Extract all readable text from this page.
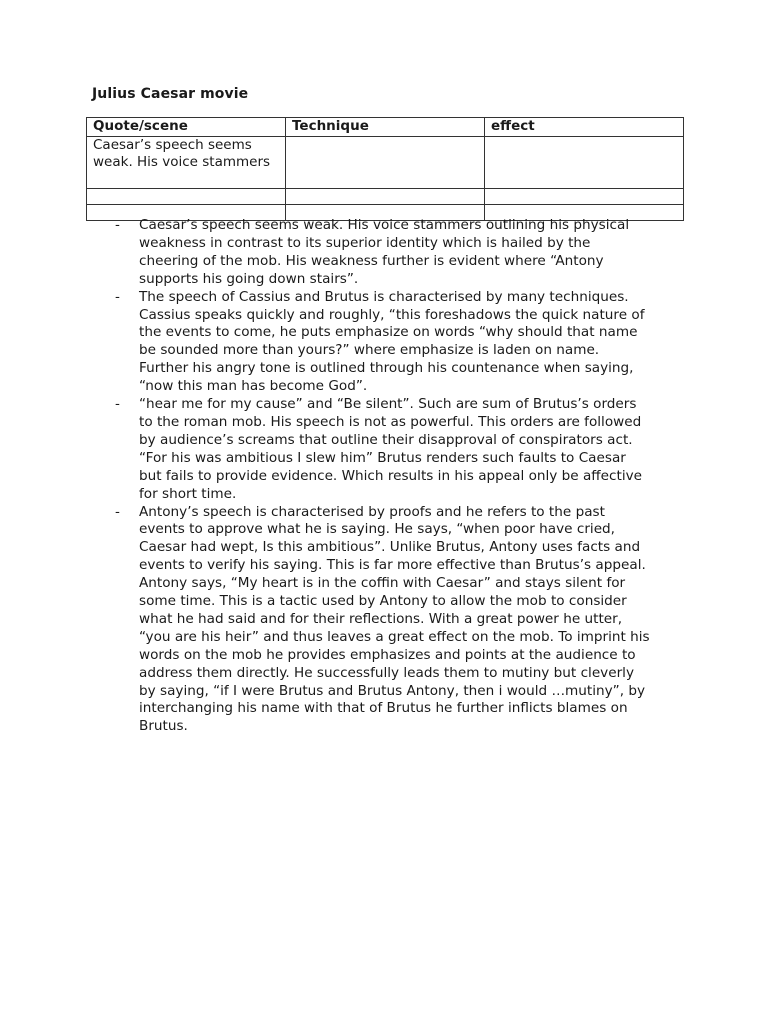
Julius Caesar movie
Quote/scene	Technique	effect
Caesar’s speech seems weak. His voice stammers		

- Caesar’s speech seems weak. His voice stammers outlining his physical
weakness in contrast to its superior identity which is hailed by the
cheering of the mob. His weakness further is evident where “Antony
supports his going down stairs”.
- The speech of Cassius and Brutus is characterised by many techniques.
Cassius speaks quickly and roughly, “this foreshadows the quick nature of
the events to come, he puts emphasize on words “why should that name
be sounded more than yours?” where emphasize is laden on name.
Further his angry tone is outlined through his countenance when saying,
“now this man has become God”.
- “hear me for my cause” and “Be silent”. Such are sum of Brutus’s orders
to the roman mob. His speech is not as powerful. This orders are followed
by audience’s screams that outline their disapproval of conspirators act.
“For his was ambitious I slew him” Brutus renders such faults to Caesar
but fails to provide evidence. Which results in his appeal only be affective
for short time.
- Antony’s speech is characterised by proofs and he refers to the past
events to approve what he is saying. He says, “when poor have cried,
Caesar had wept, Is this ambitious”. Unlike Brutus, Antony uses facts and
events to verify his saying. This is far more effective than Brutus’s appeal.
Antony says, “My heart is in the coffin with Caesar” and stays silent for
some time. This is a tactic used by Antony to allow the mob to consider
what he had said and for their reflections. With a great power he utter,
“you are his heir” and thus leaves a great effect on the mob. To imprint his
words on the mob he provides emphasizes and points at the audience to
address them directly. He successfully leads them to mutiny but cleverly
by saying, “if I were Brutus and Brutus Antony, then i would …mutiny”, by
interchanging his name with that of Brutus he further inflicts blames on
Brutus.
